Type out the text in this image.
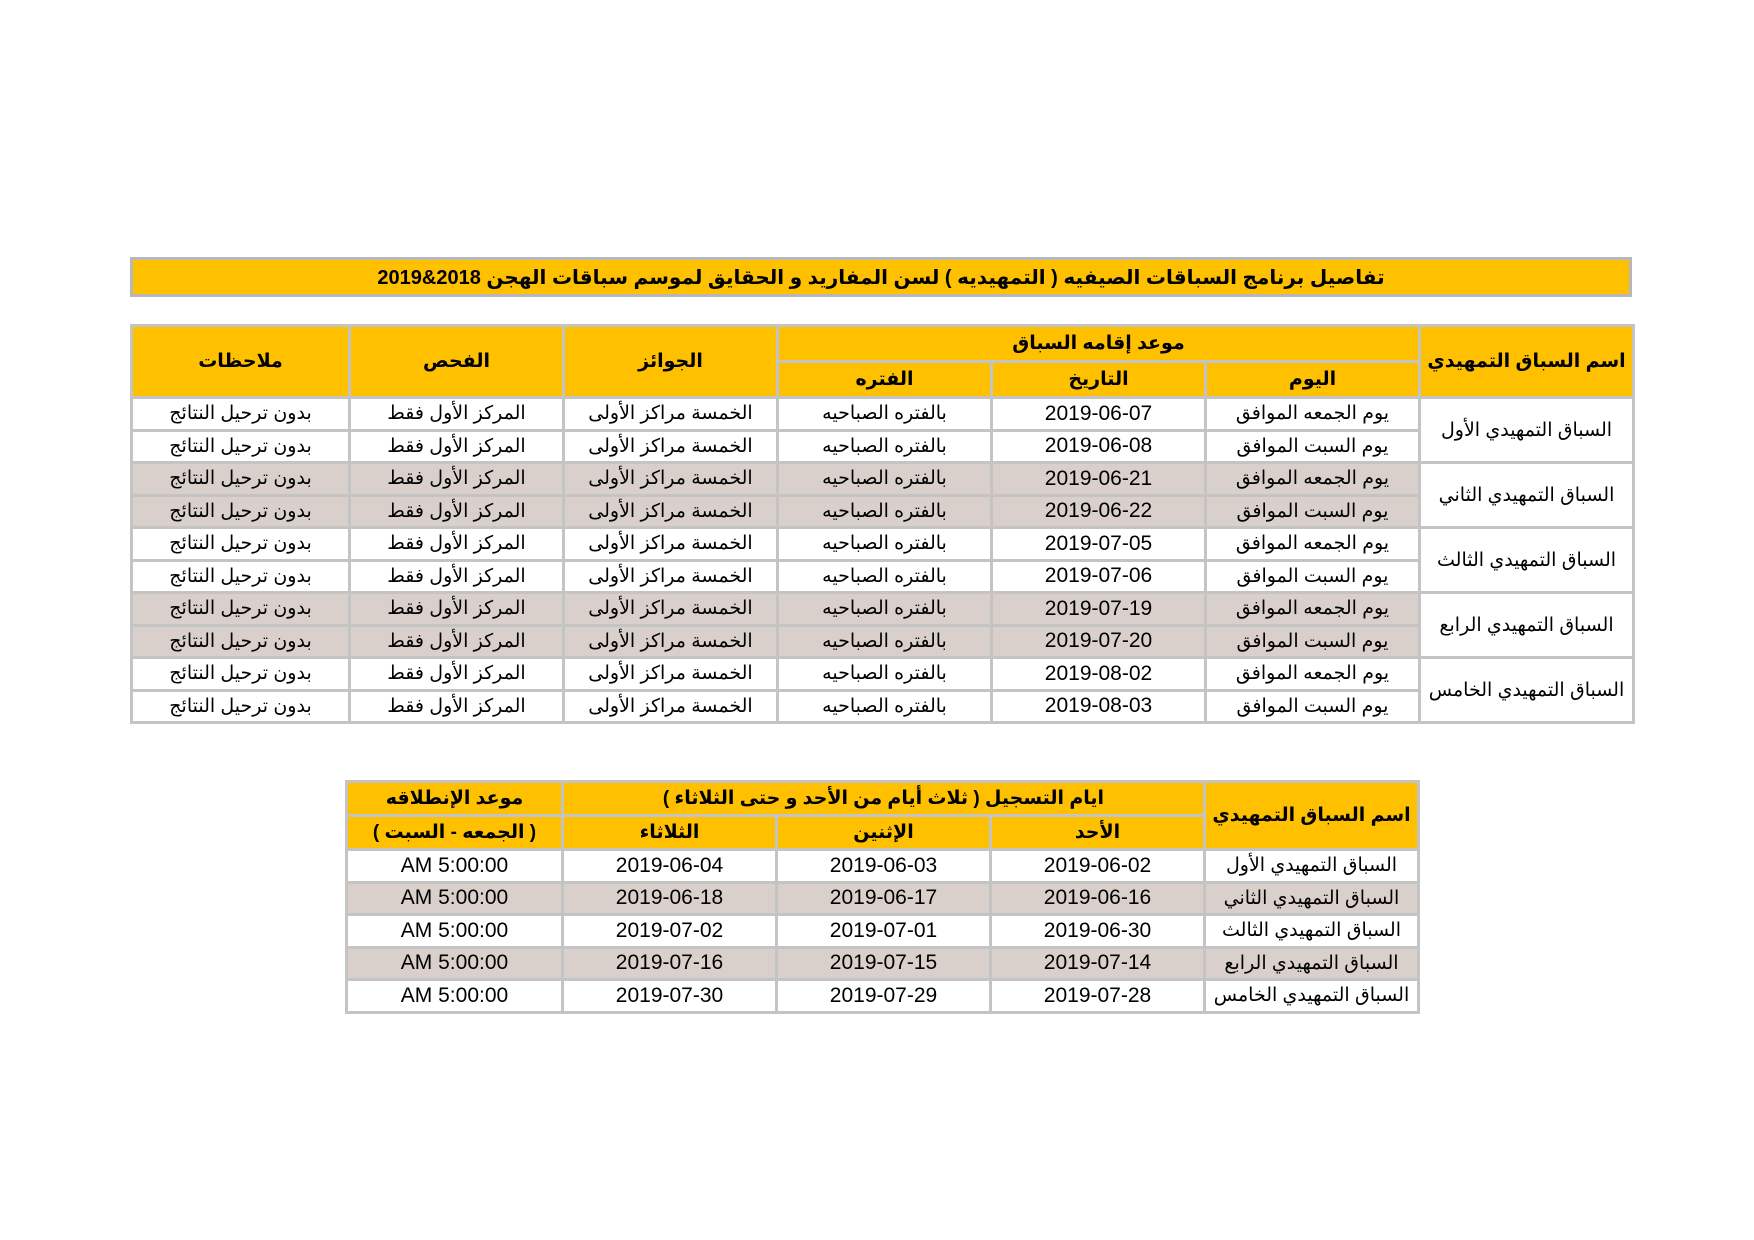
تفاصيل برنامج السباقات الصيفيه ( التمهيديه ) لسن المفاريد و الحقايق لموسم سباقات الهجن 2018&2019
اسم السباق التمهيدي	موعد إقامه السباق			الجوائز	الفحص	ملاحظات
	اليوم	التاريخ	الفتره			
السباق التمهيدي الأول	يوم الجمعه الموافق	2019-06-07	بالفتره الصباحيه	الخمسة مراكز الأولى	المركز الأول فقط	بدون ترحيل النتائج
	يوم السبت الموافق	2019-06-08	بالفتره الصباحيه	الخمسة مراكز الأولى	المركز الأول فقط	بدون ترحيل النتائج
السباق التمهيدي الثاني	يوم الجمعه الموافق	2019-06-21	بالفتره الصباحيه	الخمسة مراكز الأولى	المركز الأول فقط	بدون ترحيل النتائج
	يوم السبت الموافق	2019-06-22	بالفتره الصباحيه	الخمسة مراكز الأولى	المركز الأول فقط	بدون ترحيل النتائج
السباق التمهيدي الثالث	يوم الجمعه الموافق	2019-07-05	بالفتره الصباحيه	الخمسة مراكز الأولى	المركز الأول فقط	بدون ترحيل النتائج
	يوم السبت الموافق	2019-07-06	بالفتره الصباحيه	الخمسة مراكز الأولى	المركز الأول فقط	بدون ترحيل النتائج
السباق التمهيدي الرابع	يوم الجمعه الموافق	2019-07-19	بالفتره الصباحيه	الخمسة مراكز الأولى	المركز الأول فقط	بدون ترحيل النتائج
	يوم السبت الموافق	2019-07-20	بالفتره الصباحيه	الخمسة مراكز الأولى	المركز الأول فقط	بدون ترحيل النتائج
السباق التمهيدي الخامس	يوم الجمعه الموافق	2019-08-02	بالفتره الصباحيه	الخمسة مراكز الأولى	المركز الأول فقط	بدون ترحيل النتائج
	يوم السبت الموافق	2019-08-03	بالفتره الصباحيه	الخمسة مراكز الأولى	المركز الأول فقط	بدون ترحيل النتائج
اسم السباق التمهيدي	ايام التسجيل ( ثلاث أيام من الأحد و حتى الثلاثاء )			موعد الإنطلاقه
	الأحد	الإثنين	الثلاثاء	( الجمعه - السبت )
السباق التمهيدي الأول	2019-06-02	2019-06-03	2019-06-04	5:00:00 AM
السباق التمهيدي الثاني	2019-06-16	2019-06-17	2019-06-18	5:00:00 AM
السباق التمهيدي الثالث	2019-06-30	2019-07-01	2019-07-02	5:00:00 AM
السباق التمهيدي الرابع	2019-07-14	2019-07-15	2019-07-16	5:00:00 AM
السباق التمهيدي الخامس	2019-07-28	2019-07-29	2019-07-30	5:00:00 AM
